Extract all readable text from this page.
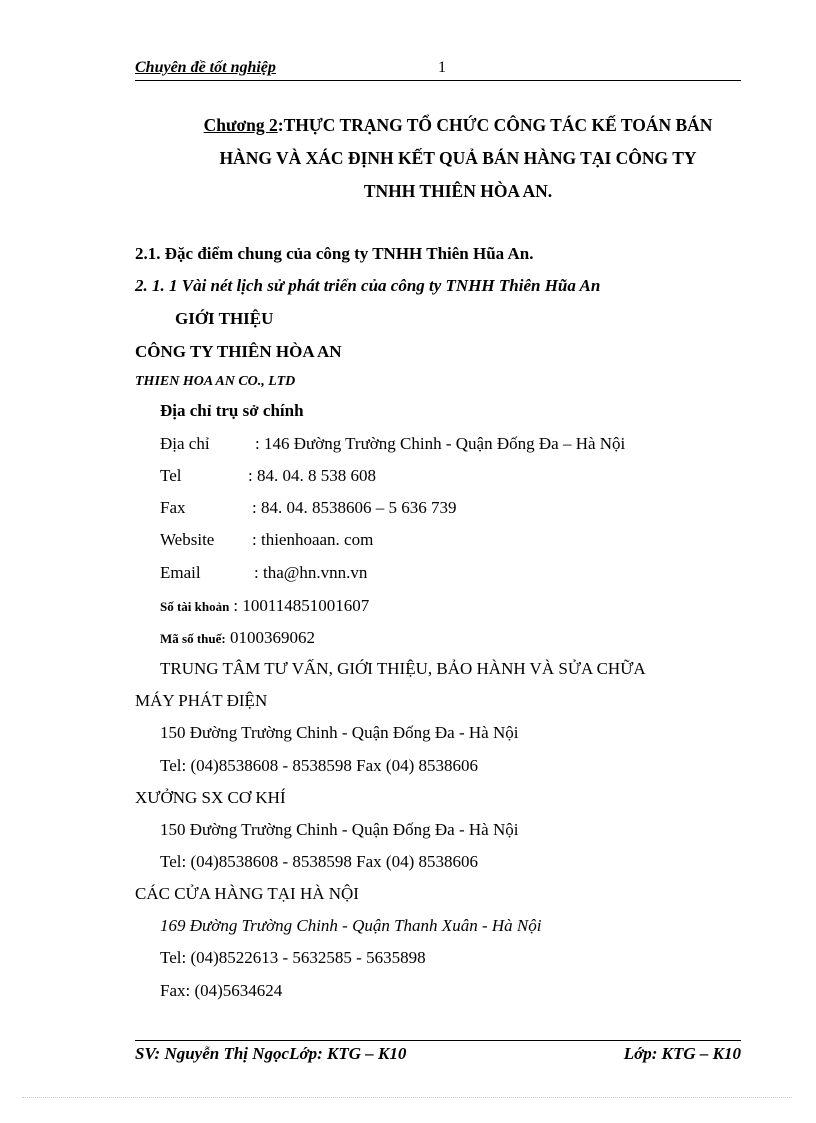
Chuyên đề tốt nghiệp	1
Chương 2:THỰC TRẠNG TỔ CHỨC CÔNG TÁC KẾ TOÁN BÁN
HÀNG VÀ XÁC ĐỊNH KẾT QUẢ BÁN HÀNG TẠI CÔNG TY
TNHH THIÊN HÒA AN.
2.1. Đặc điểm chung của công ty TNHH Thiên Hũa An.
2. 1. 1 Vài nét lịch sử phát triển của công ty TNHH Thiên Hũa An
GIỚI THIỆU
CÔNG TY THIÊN HÒA AN
THIEN HOA AN CO., LTD
Địa chỉ trụ sở chính
Địa chỉ	: 146 Đường Trường Chinh - Quận Đống Đa – Hà Nội
Tel	: 84. 04. 8 538 608
Fax	: 84. 04. 8538606 – 5 636 739
Website : thienhoaan. com
Email	: tha@hn.vnn.vn
Số tài khoản : 100114851001607
Mã số thuế: 0100369062
TRUNG TÂM TƯ VẤN, GIỚI THIỆU, BẢO HÀNH VÀ SỬA CHỮA
MÁY PHÁT ĐIỆN
150 Đường Trường Chinh - Quận Đống Đa - Hà Nội
Tel: (04)8538608 - 8538598 Fax (04) 8538606
XƯỞNG SX CƠ KHÍ
150 Đường Trường Chinh - Quận Đống Đa - Hà Nội
Tel: (04)8538608 - 8538598 Fax (04) 8538606
CÁC CỬA HÀNG TẠI HÀ NỘI
169 Đường Trường Chinh - Quận Thanh Xuân - Hà Nội
Tel: (04)8522613 - 5632585 - 5635898
Fax: (04)5634624
SV: Nguyễn Thị NgọcLớp: KTG – K10	Lớp: KTG – K10
